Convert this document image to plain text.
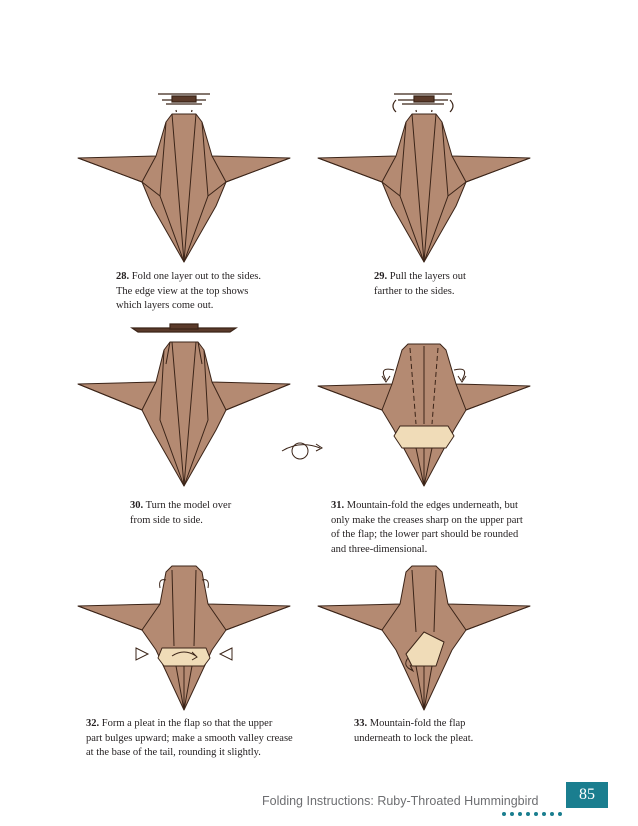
28. Fold one layer out to the sides.
The edge view at the top shows
which layers come out.
29. Pull the layers out
farther to the sides.
30. Turn the model over
from side to side.
31. Mountain-fold the edges underneath, but
only make the creases sharp on the upper part
of the flap; the lower part should be rounded
and three-dimensional.
32. Form a pleat in the flap so that the upper
part bulges upward; make a smooth valley crease
at the base of the tail, rounding it slightly.
33. Mountain-fold the flap
underneath to lock the pleat.
Folding Instructions: Ruby-Throated Hummingbird	85
